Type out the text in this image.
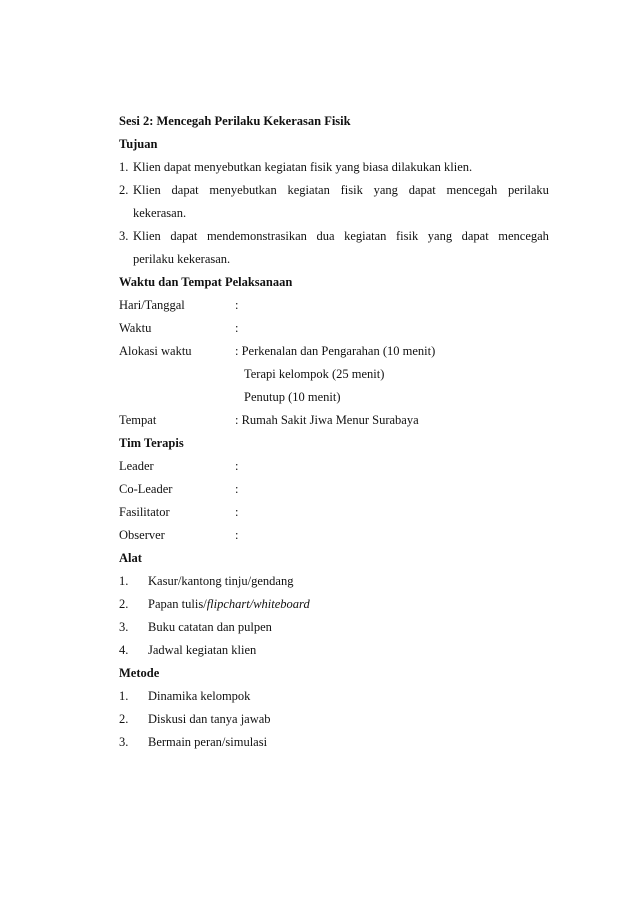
Sesi 2: Mencegah Perilaku Kekerasan Fisik
Tujuan
1. Klien dapat menyebutkan kegiatan fisik yang biasa dilakukan klien.
2. Klien dapat menyebutkan kegiatan fisik yang dapat mencegah perilaku
kekerasan.
3. Klien dapat mendemonstrasikan dua kegiatan fisik yang dapat mencegah
perilaku kekerasan.
Waktu dan Tempat Pelaksanaan
Hari/Tanggal	:
Waktu	:
Alokasi waktu	: Perkenalan dan Pengarahan (10 menit)
Terapi kelompok (25 menit)
Penutup (10 menit)
Tempat	: Rumah Sakit Jiwa Menur Surabaya
Tim Terapis
Leader	:
Co-Leader	:
Fasilitator	:
Observer	:
Alat
1.	Kasur/kantong tinju/gendang
2.	Papan tulis/flipchart/whiteboard
3.	Buku catatan dan pulpen
4.	Jadwal kegiatan klien
Metode
1.	Dinamika kelompok
2.	Diskusi dan tanya jawab
3.	Bermain peran/simulasi
